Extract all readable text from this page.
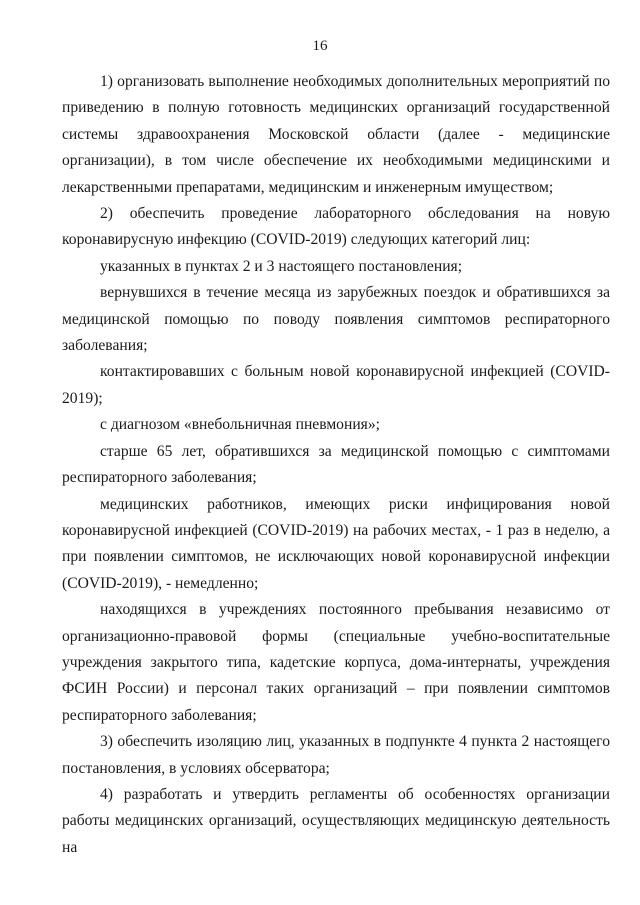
16

1) организовать выполнение необходимых дополнительных мероприятий по приведению в полную готовность медицинских организаций государственной системы здравоохранения Московской области (далее - медицинские организации), в том числе обеспечение их необходимыми медицинскими и лекарственными препаратами, медицинским и инженерным имуществом;

2) обеспечить проведение лабораторного обследования на новую коронавирусную инфекцию (COVID-2019) следующих категорий лиц:

указанных в пунктах 2 и 3 настоящего постановления;

вернувшихся в течение месяца из зарубежных поездок и обратившихся за медицинской помощью по поводу появления симптомов респираторного заболевания;

контактировавших с больным новой коронавирусной инфекцией (COVID-2019);

с диагнозом «внебольничная пневмония»;

старше 65 лет, обратившихся за медицинской помощью с симптомами респираторного заболевания;

медицинских работников, имеющих риски инфицирования новой коронавирусной инфекцией (COVID-2019) на рабочих местах, - 1 раз в неделю, а при появлении симптомов, не исключающих новой коронавирусной инфекции (COVID-2019), - немедленно;

находящихся в учреждениях постоянного пребывания независимо от организационно-правовой формы (специальные учебно-воспитательные учреждения закрытого типа, кадетские корпуса, дома-интернаты, учреждения ФСИН России) и персонал таких организаций – при появлении симптомов респираторного заболевания;

3) обеспечить изоляцию лиц, указанных в подпункте 4 пункта 2 настоящего постановления, в условиях обсерватора;

4) разработать и утвердить регламенты об особенностях организации работы медицинских организаций, осуществляющих медицинскую деятельность на
